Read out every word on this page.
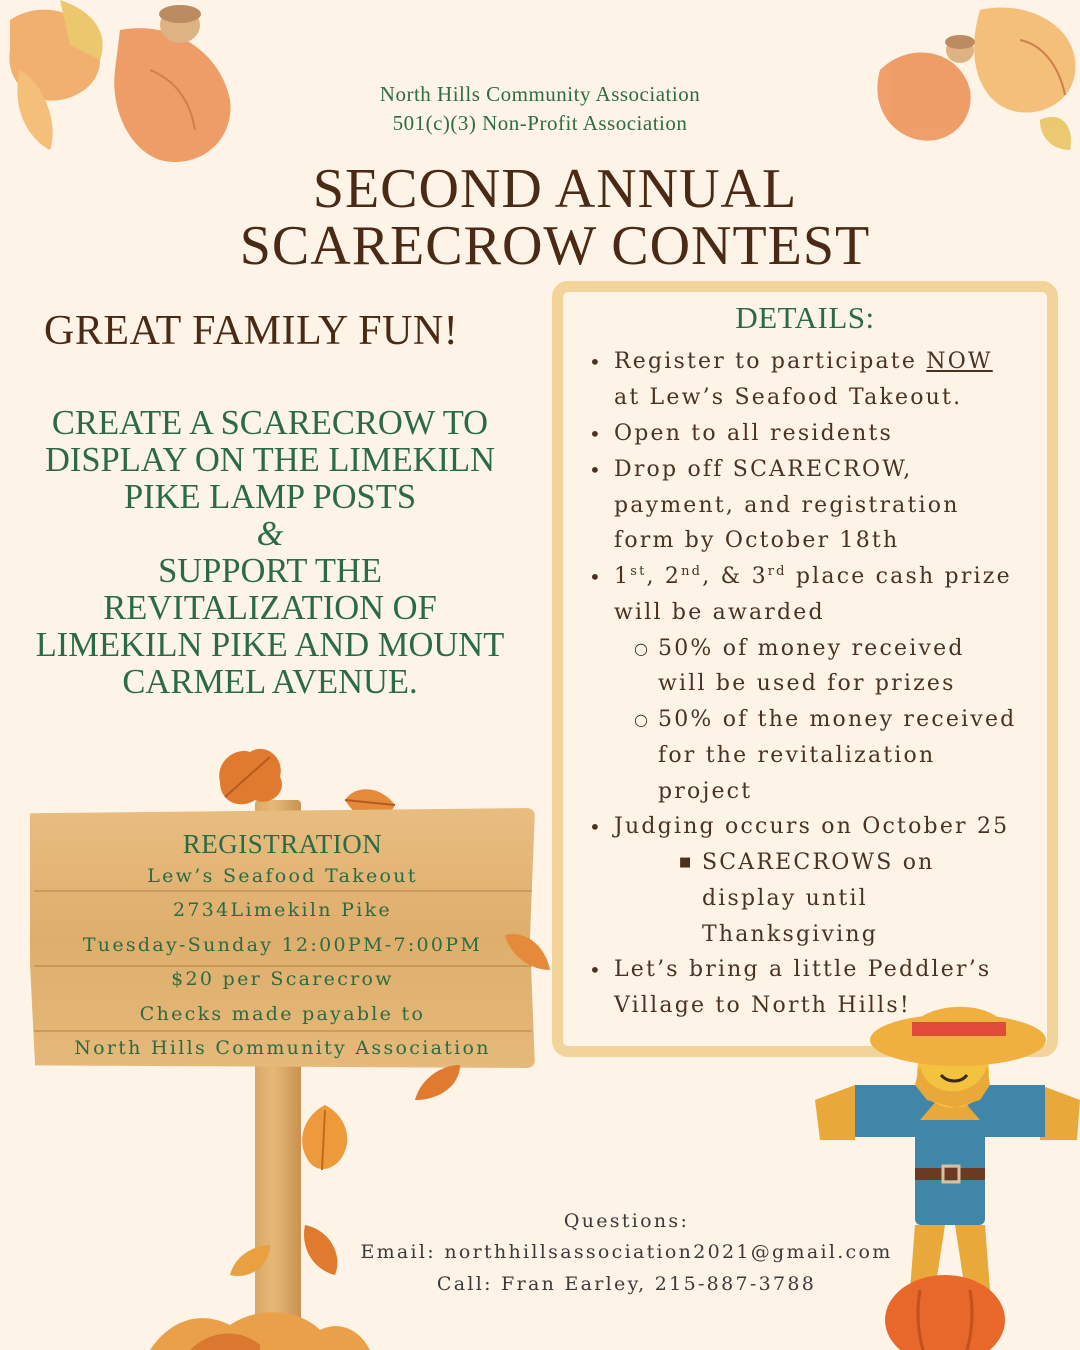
North Hills Community Association
501(c)(3) Non-Profit Association
SECOND ANNUAL
SCARECROW CONTEST
GREAT FAMILY FUN!
CREATE A SCARECROW TO
DISPLAY ON THE LIMEKILN
PIKE LAMP POSTS
&
SUPPORT THE
REVITALIZATION OF
LIMEKILN PIKE AND MOUNT
CARMEL AVENUE.
DETAILS:
• Register to participate NOW
at Lew’s Seafood Takeout.
• Open to all residents
• Drop off SCARECROW,
payment, and registration
form by October 18th
• 1st, 2nd, & 3rd place cash prize
will be awarded
○ 50% of money received
will be used for prizes
○ 50% of the money received
for the revitalization
project
• Judging occurs on October 25
■ SCARECROWS on
display until
Thanksgiving
• Let’s bring a little Peddler’s
Village to North Hills!
REGISTRATION
Lew’s Seafood Takeout
2734Limekiln Pike
Tuesday-Sunday 12:00PM-7:00PM
$20 per Scarecrow
Checks made payable to
North Hills Community Association
Questions:
Email: northhillsassociation2021@gmail.com
Call: Fran Earley, 215-887-3788
